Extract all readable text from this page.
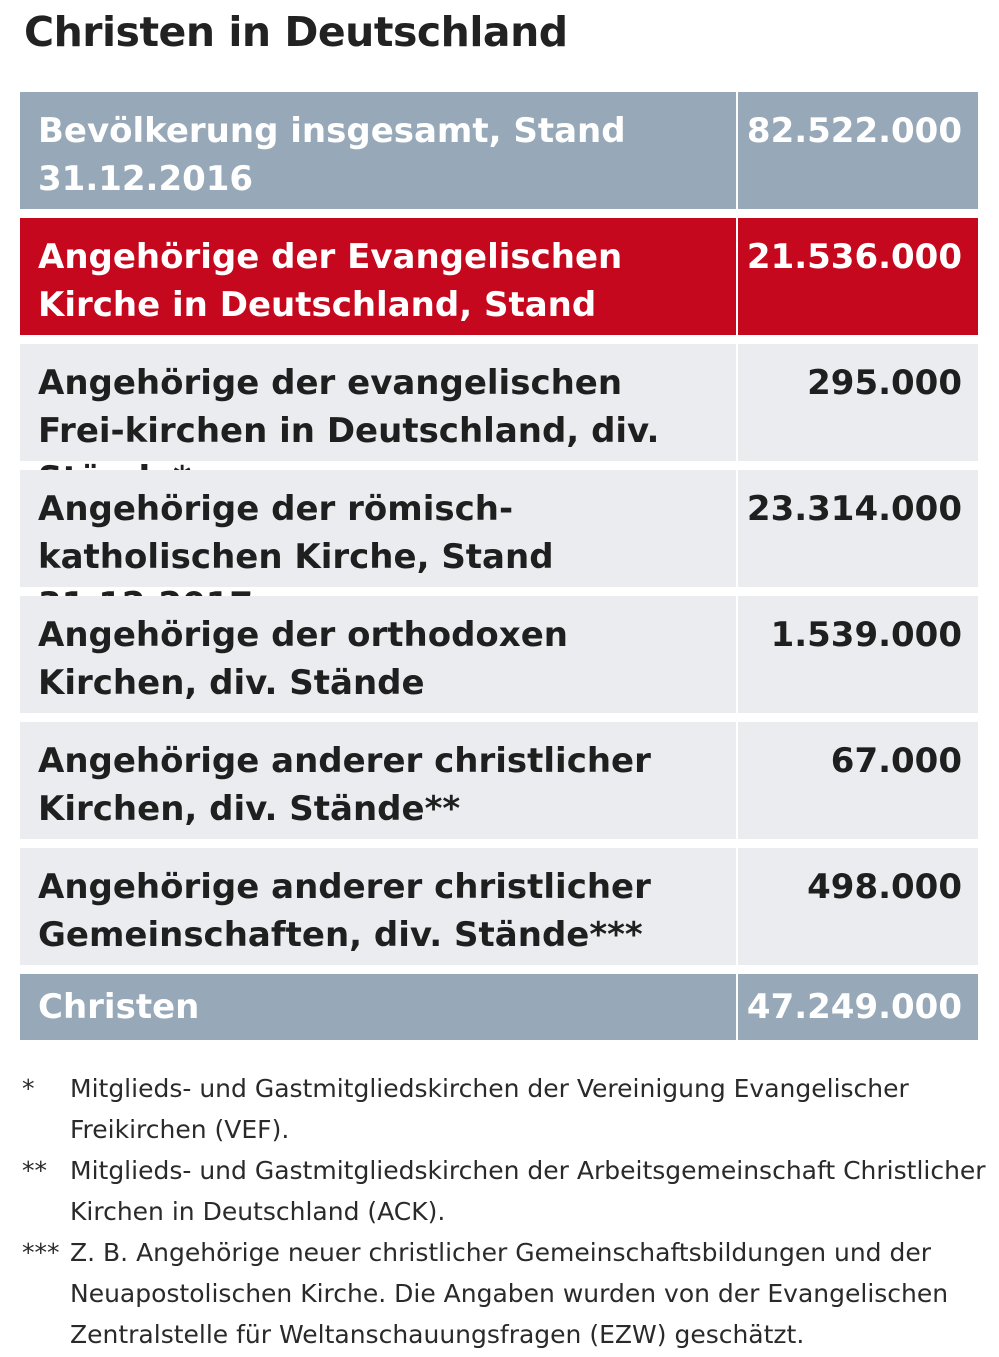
Christen in Deutschland
Bevölkerung insgesamt, Stand 31.12.2016
82.522.000
Angehörige der Evangelischen Kirche in Deutschland, Stand
21.536.000
Angehörige der evangelischen Frei-kirchen in Deutschland, div.
295.000
Angehörige der römisch-katholischen Kirche, Stand
23.314.000
Angehörige der orthodoxen Kirchen, div. Stände
1.539.000
Angehörige anderer christlicher Kirchen, div. Stände**
67.000
Angehörige anderer christlicher Gemeinschaften, div. Stände***
498.000
Christen	47.249.000
*	Mitglieds- und Gastmitgliedskirchen der Vereinigung Evangelischer Freikirchen (VEF).
** Mitglieds- und Gastmitgliedskirchen der Arbeitsgemeinschaft Christlicher Kirchen in Deutschland (ACK).
*** Z. B. Angehörige neuer christlicher Gemeinschaftsbildungen und der Neuapostolischen Kirche. Die Angaben wurden von der Evangelischen Zentralstelle für Weltanschauungsfragen (EZW) geschätzt.
